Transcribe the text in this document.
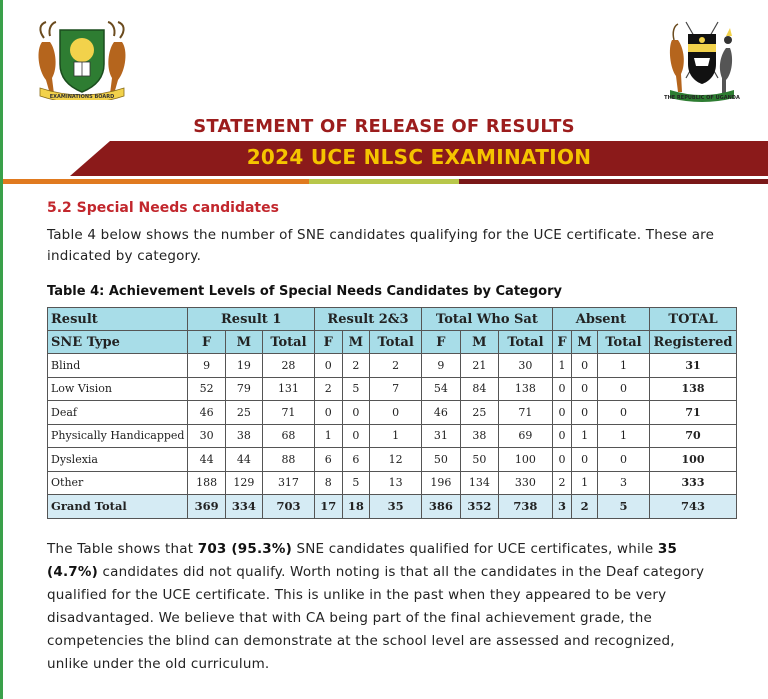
EXAMINATIONS BOARD	THE REPUBLIC OF UGANDA
STATEMENT OF RELEASE OF RESULTS
2024 UCE NLSC EXAMINATION
5.2 Special Needs candidates
Table 4 below shows the number of SNE candidates qualifying for the UCE certificate. These are indicated by category.
Table 4: Achievement Levels of Special Needs Candidates by Category
Result	Result 1			Result 2&3			Total Who Sat			Absent			TOTAL
SNE Type	F	M	Total	F	M	Total	F	M	Total	F	M	Total	Registered
Blind	9	19	28	0	2	2	9	21	30	1	0	1	31
Low Vision	52	79	131	2	5	7	54	84	138	0	0	0	138
Deaf	46	25	71	0	0	0	46	25	71	0	0	0	71
Physically Handicapped	30	38	68	1	0	1	31	38	69	0	1	1	70
Dyslexia	44	44	88	6	6	12	50	50	100	0	0	0	100
Other	188	129	317	8	5	13	196	134	330	2	1	3	333
Grand Total	369	334	703	17	18	35	386	352	738	3	2	5	743
The Table shows that 703 (95.3%) SNE candidates qualified for UCE certificates, while 35 (4.7%) candidates did not qualify. Worth noting is that all the candidates in the Deaf category qualified for the UCE certificate. This is unlike in the past when they appeared to be very disadvantaged. We believe that with CA being part of the final achievement grade, the competencies the blind can demonstrate at the school level are assessed and recognized, unlike under the old curriculum.
